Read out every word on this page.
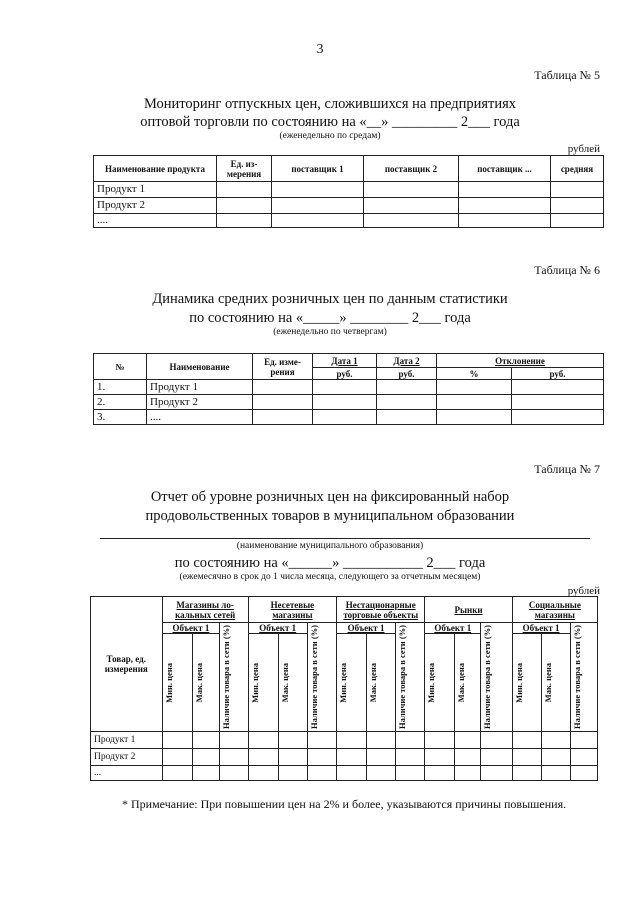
3
Таблица № 5
Мониторинг отпускных цен, сложившихся на предприятиях
оптовой торговли по состоянию на «__» _________ 2___ года
(еженедельно по средам)
рублей
Наименование продукта	Ед. из-мерения	поставщик 1	поставщик 2	поставщик ...	средняя
Продукт 1					
Продукт 2					
....					
Таблица № 6
Динамика средних розничных цен по данным статистики
по состоянию на «_____» ________ 2___ года
(еженедельно по четвергам)
№	Наименование	Ед. изме-рения	Дата 1	Дата 2	Отклонение	
			руб.	руб.	%	руб.
1.	Продукт 1					
2.	Продукт 2					
3.	....					
Таблица № 7
Отчет об уровне розничных цен на фиксированный набор
продовольственных товаров в муниципальном образовании
(наименование муниципального образования)
по состоянию на «______» ___________ 2___ года
(ежемесячно в срок до 1 числа месяца, следующего за отчетным месяцем)
рублей
Товар, ед. измерения	Магазины ло-кальных сетей			Несетевые магазины			Нестационарные торговые объекты			Рынки			Социальные магазины		
	Объект 1		Наличие товара в сети (%)	Объект 1		Наличие товара в сети (%)	Объект 1		Наличие товара в сети (%)	Объект 1		Наличие товара в сети (%)	Объект 1		Наличие товара в сети (%)

	Мин. цена	Мак. цена		Мин. цена	Мак. цена		Мин. цена	Мак. цена		Мин. цена	Мак. цена		Мин. цена	Мак. цена	

Продукт 1															
Продукт 2															
...															
* Примечание: При повышении цен на 2% и более, указываются причины повышения.
